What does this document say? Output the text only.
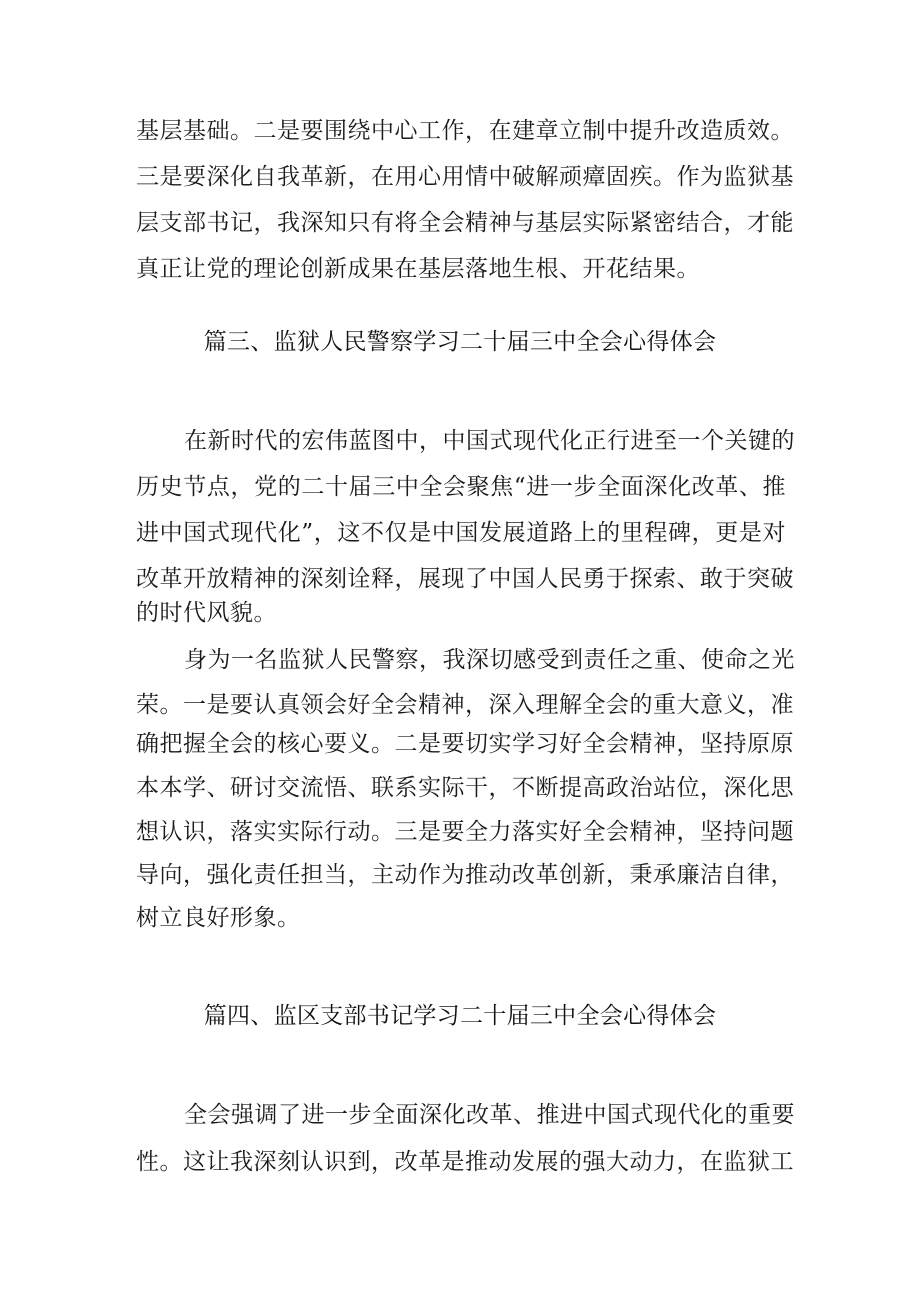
基层基础。二是要围绕中心工作，在建章立制中提升改造质效。
三是要深化自我革新，在用心用情中破解顽瘴固疾。作为监狱基
层支部书记，我深知只有将全会精神与基层实际紧密结合，才能
真正让党的理论创新成果在基层落地生根、开花结果。
篇三、监狱人民警察学习二十届三中全会心得体会
在新时代的宏伟蓝图中，中国式现代化正行进至一个关键的
历史节点，党的二十届三中全会聚焦“进一步全面深化改革、推
进中国式现代化”，这不仅是中国发展道路上的里程碑，更是对
改革开放精神的深刻诠释，展现了中国人民勇于探索、敢于突破
的时代风貌。
身为一名监狱人民警察，我深切感受到责任之重、使命之光
荣。一是要认真领会好全会精神，深入理解全会的重大意义，准
确把握全会的核心要义。二是要切实学习好全会精神，坚持原原
本本学、研讨交流悟、联系实际干，不断提高政治站位，深化思
想认识，落实实际行动。三是要全力落实好全会精神，坚持问题
导向，强化责任担当，主动作为推动改革创新，秉承廉洁自律，
树立良好形象。
篇四、监区支部书记学习二十届三中全会心得体会
全会强调了进一步全面深化改革、推进中国式现代化的重要
性。这让我深刻认识到，改革是推动发展的强大动力，在监狱工
